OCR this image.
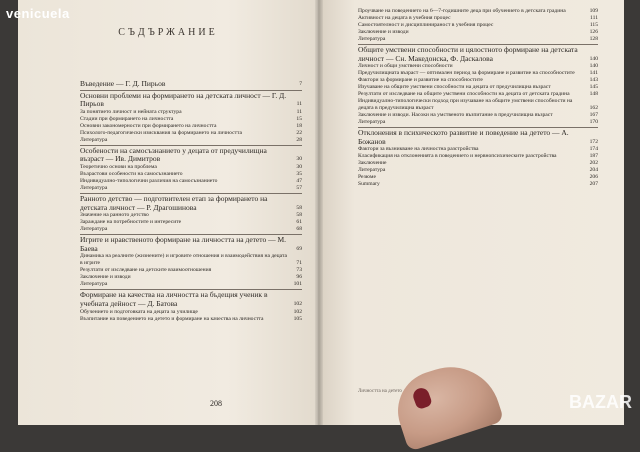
СЪДЪРЖАНИЕ
Въведение — Г. Д. Пирьов	7
Основни проблеми на формирането на детската личност — Г. Д. Пирьов	11
За понятието личност и нейната структура	11
Стадии при формирането на личността	15
Основни закономерности при формирането на личността	18
Психолого-педагогически изисквания за формирането на личността	22
Литература	28
Особености на самосъзнанието у децата от предучилищна възраст — Ив. Димитров	30
Теоретично основи на проблема	30
Възрастови особености на самосъзнанието	35
Индивидуално-типологични различия на самосъзнанието	47
Литература	57
Ранното детство — подготвителен етап за формирането на детската личност — Р. Драгошинова	58
Значение на ранното детство	58
Зараждане на потребностите и интересите	61
Литература	68
Игрите и нравственото формиране на личността на детето — М. Баева	69
Динамика на реалните (жизнените) и игровите отношения и взаимодействия на децата в игрите	71
Резултати от изследване на детските взаимоотношения	73
Заключение и изводи	96
Литература	101
Формиране на качества на личността на бъдещия ученик в учебната дейност — Д. Батова	102
Обучението и подготовката на децата за училище	102
Възпитание на поведението на детето и формиране на качества на личността	105
208
Проучване на поведението на 6—7-годишните деца при обучението в детската градина	109
Активност на децата в учебния процес	111
Самостоятелност и дисциплинираност в учебния процес	115
Заключение и изводи	126
Литература	128
Общите умствени способности и цялостното формиране на детската личност — Сн. Македонска, Ф. Даскалова	140
Личност и общи умствени способности	140
Предучилищната възраст — оптимален период за формиране и развитие на способностите	141
Фактори за формиране и развитие на способностите	143
Изучаване на общите умствени способности на децата от предучилищна възраст	145
Резултати от изследване на общите умствени способности на децата от детската градина	148
Индивидуално-типологически подход при изучаване на общите умствени способности на децата в предучилищна възраст	162
Заключение и изводи. Насоки на умственото възпитание в предучилищна възраст	167
Литература	170
Отклонения в психическото развитие и поведение на детето — А. Божанов	172
Фактори за възникване на личностна разстройства	174
Класификация на отклоненията в поведението и нервнопсихическите разстройства	187
Заключение	202
Литература	204
Резюме	206
Summary	207
Личността на детето
venicuela
BAZAR
